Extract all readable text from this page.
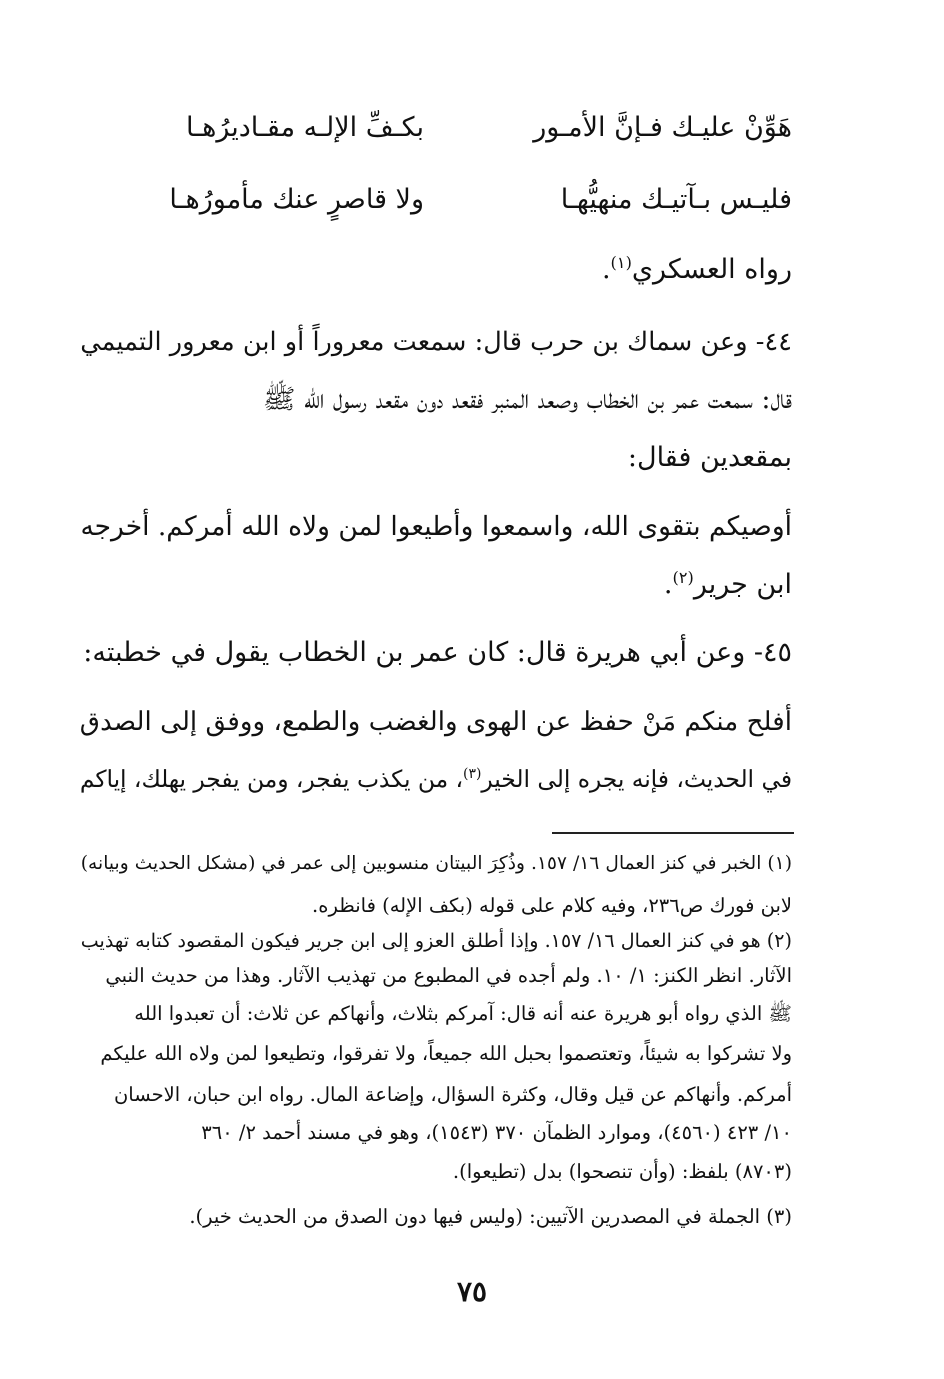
هَوِّنْ عليـك فـإنَّ الأمـور
بكـفِّ الإلـه مقـاديرُهـا
فليـس بـآتيـك منهيُّهـا
ولا قاصرٍ عنك مأمورُهـا
رواه العسكري$^{(١)}$.
٤٤- وعن سماك بن حرب قال: سمعت معروراً أو ابن معرور التميمي
قال: سمعت عمر بن الخطاب وصعد المنبر فقعد دون مقعد رسول الله ﷺ
بمقعدين فقال:
أوصيكم بتقوى الله، واسمعوا وأطيعوا لمن ولاه الله أمركم. أخرجه
ابن جرير$^{(٢)}$.
٤٥- وعن أبي هريرة قال: كان عمر بن الخطاب يقول في خطبته:
أفلح منكم مَنْ حفظ عن الهوى والغضب والطمع، ووفق إلى الصدق
في الحديث، فإنه يجره إلى الخير$^{(٣)}$، من يكذب يفجر، ومن يفجر يهلك، إياكم
(١) الخبر في كنز العمال ١٦/ ١٥٧. وذُكِرَ البيتان منسوبين إلى عمر في (مشكل الحديث وبيانه)
لابن فورك ص٢٣٦، وفيه كلام على قوله (بكف الإله) فانظره.
(٢) هو في كنز العمال ١٦/ ١٥٧. وإذا أطلق العزو إلى ابن جرير فيكون المقصود كتابه تهذيب
الآثار. انظر الكنز: ١/ ١٠. ولم أجده في المطبوع من تهذيب الآثار. وهذا من حديث النبي
ﷺ الذي رواه أبو هريرة عنه أنه قال: آمركم بثلاث، وأنهاكم عن ثلاث: أن تعبدوا الله
ولا تشركوا به شيئاً، وتعتصموا بحبل الله جميعاً، ولا تفرقوا، وتطيعوا لمن ولاه الله عليكم
أمركم. وأنهاكم عن قيل وقال، وكثرة السؤال، وإضاعة المال. رواه ابن حبان، الاحسان
١٠/ ٤٢٣ (٤٥٦٠)، وموارد الظمآن ٣٧٠ (١٥٤٣)، وهو في مسند أحمد ٢/ ٣٦٠
(٨٧٠٣) بلفظ: (وأن تنصحوا) بدل (تطيعوا).
(٣) الجملة في المصدرين الآتيين: (وليس فيها دون الصدق من الحديث خير).
٧٥
